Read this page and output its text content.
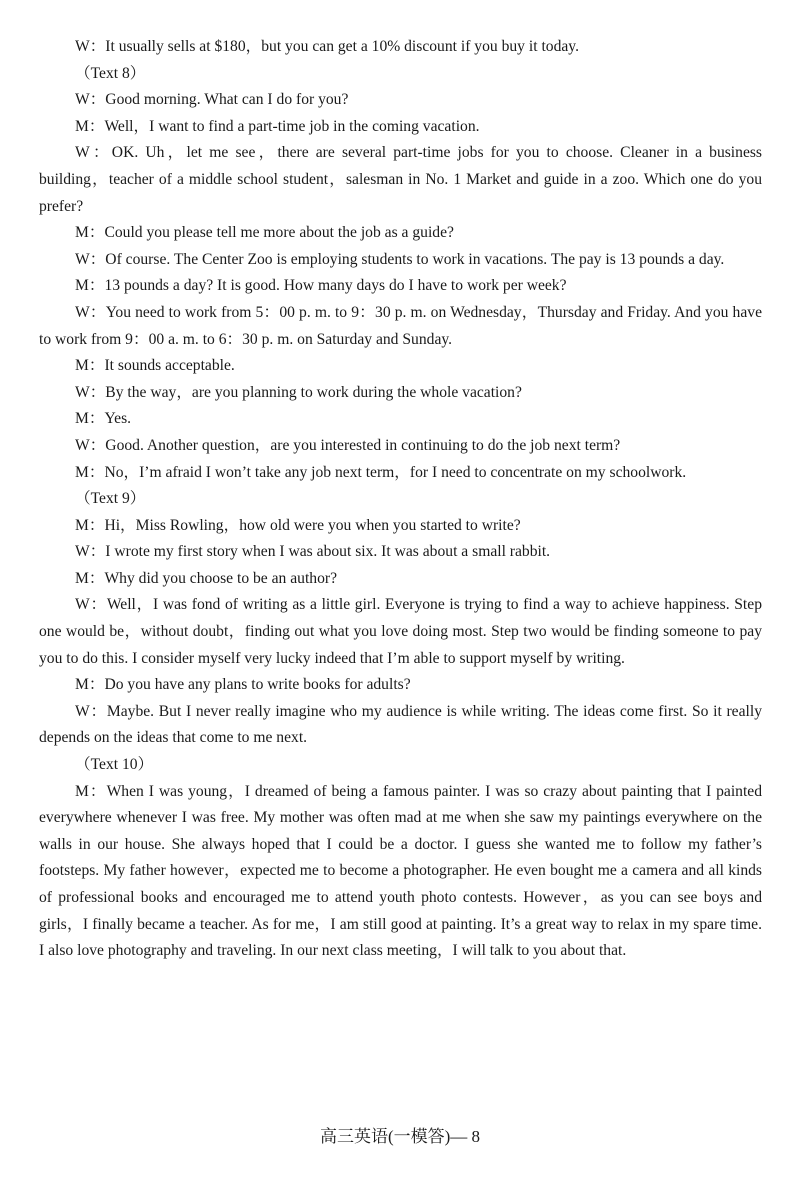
W：It usually sells at $180，but you can get a 10% discount if you buy it today.

（Text 8）

W：Good morning. What can I do for you?

M：Well，I want to find a part-time job in the coming vacation.

W：OK. Uh，let me see，there are several part-time jobs for you to choose. Cleaner in a business building，teacher of a middle school student，salesman in No. 1 Market and guide in a zoo. Which one do you prefer?

M：Could you please tell me more about the job as a guide?

W：Of course. The Center Zoo is employing students to work in vacations. The pay is 13 pounds a day.

M：13 pounds a day? It is good. How many days do I have to work per week?

W：You need to work from 5：00 p. m. to 9：30 p. m. on Wednesday，Thursday and Friday. And you have to work from 9：00 a. m. to 6：30 p. m. on Saturday and Sunday.

M：It sounds acceptable.

W：By the way，are you planning to work during the whole vacation?

M：Yes.

W：Good. Another question，are you interested in continuing to do the job next term?

M：No，I’m afraid I won’t take any job next term，for I need to concentrate on my schoolwork.

（Text 9）

M：Hi，Miss Rowling，how old were you when you started to write?

W：I wrote my first story when I was about six. It was about a small rabbit.

M：Why did you choose to be an author?

W：Well，I was fond of writing as a little girl. Everyone is trying to find a way to achieve happiness. Step one would be，without doubt，finding out what you love doing most. Step two would be finding someone to pay you to do this. I consider myself very lucky indeed that I’m able to support myself by writing.

M：Do you have any plans to write books for adults?

W：Maybe. But I never really imagine who my audience is while writing. The ideas come first. So it really depends on the ideas that come to me next.

（Text 10）

M：When I was young，I dreamed of being a famous painter. I was so crazy about painting that I painted everywhere whenever I was free. My mother was often mad at me when she saw my paintings everywhere on the walls in our house. She always hoped that I could be a doctor. I guess she wanted me to follow my father’s footsteps. My father however，expected me to become a photographer. He even bought me a camera and all kinds of professional books and encouraged me to attend youth photo contests. However，as you can see boys and girls，I finally became a teacher. As for me，I am still good at painting. It’s a great way to relax in my spare time. I also love photography and traveling. In our next class meeting，I will talk to you about that.

高三英语(一模答)— 8
